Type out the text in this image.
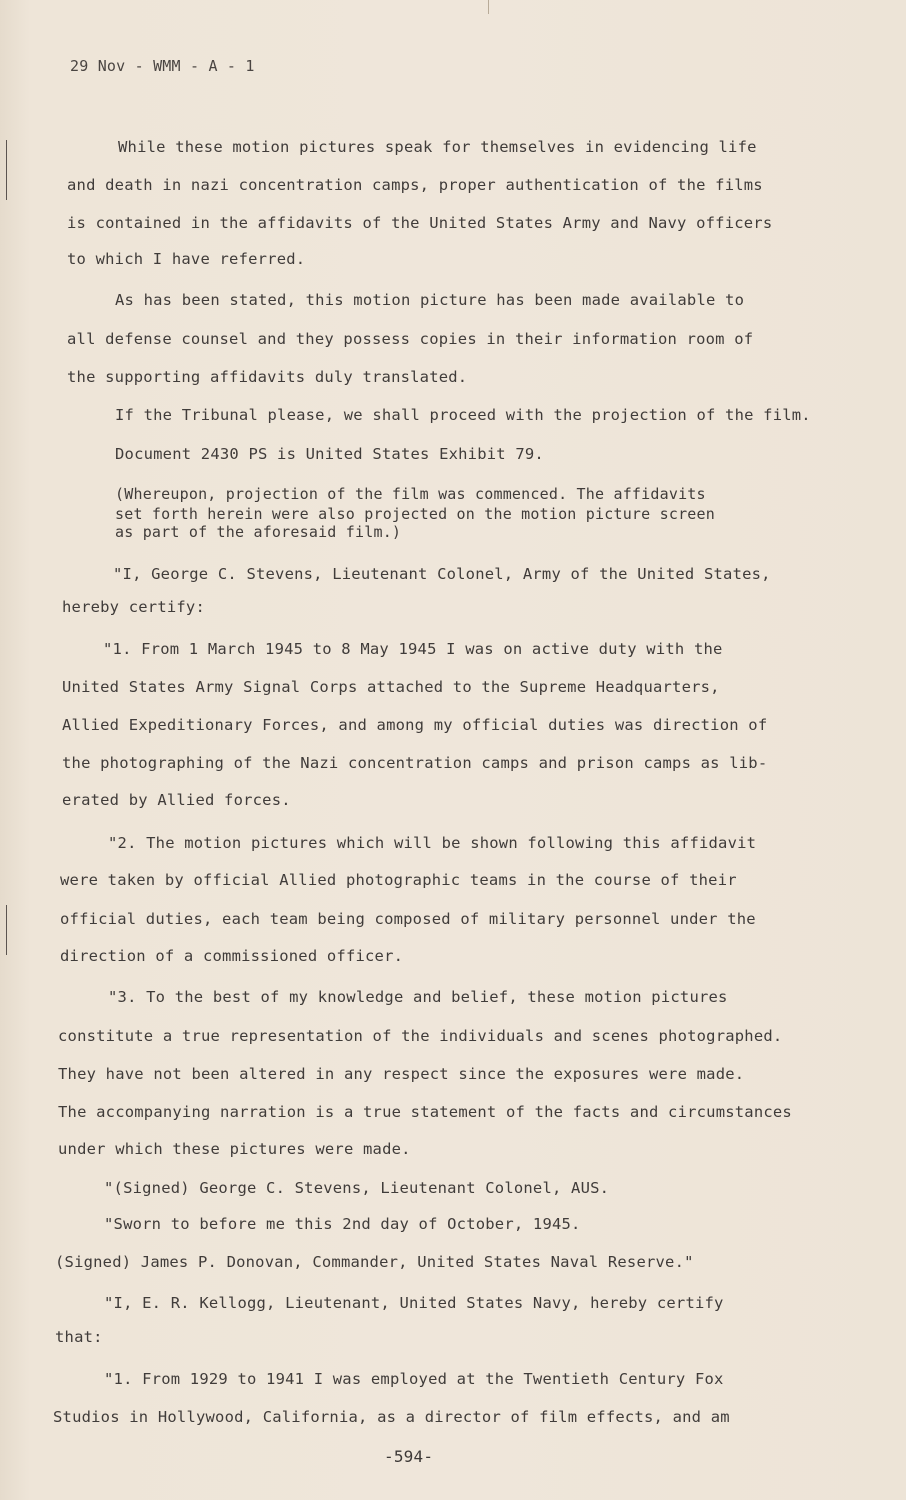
29 Nov - WMM - A - 1
While these motion pictures speak for themselves in evidencing life
and death in nazi concentration camps, proper authentication of the films
is contained in the affidavits of the United States Army and Navy officers
to which I have referred.
As has been stated, this motion picture has been made available to
all defense counsel and they possess copies in their information room of
the supporting affidavits duly translated.
If the Tribunal please, we shall proceed with the projection of the film.
Document 2430 PS is United States Exhibit 79.
(Whereupon, projection of the film was commenced. The affidavits
set forth herein were also projected on the motion picture screen
as part of the aforesaid film.)
"I, George C. Stevens, Lieutenant Colonel, Army of the United States,
hereby certify:
"1. From 1 March 1945 to 8 May 1945 I was on active duty with the
United States Army Signal Corps attached to the Supreme Headquarters,
Allied Expeditionary Forces, and among my official duties was direction of
the photographing of the Nazi concentration camps and prison camps as lib-
erated by Allied forces.
"2. The motion pictures which will be shown following this affidavit
were taken by official Allied photographic teams in the course of their
official duties, each team being composed of military personnel under the
direction of a commissioned officer.
"3. To the best of my knowledge and belief, these motion pictures
constitute a true representation of the individuals and scenes photographed.
They have not been altered in any respect since the exposures were made.
The accompanying narration is a true statement of the facts and circumstances
under which these pictures were made.
"(Signed) George C. Stevens, Lieutenant Colonel, AUS.
"Sworn to before me this 2nd day of October, 1945.
(Signed) James P. Donovan, Commander, United States Naval Reserve."
"I, E. R. Kellogg, Lieutenant, United States Navy, hereby certify
that:
"1. From 1929 to 1941 I was employed at the Twentieth Century Fox
Studios in Hollywood, California, as a director of film effects, and am
-594-
